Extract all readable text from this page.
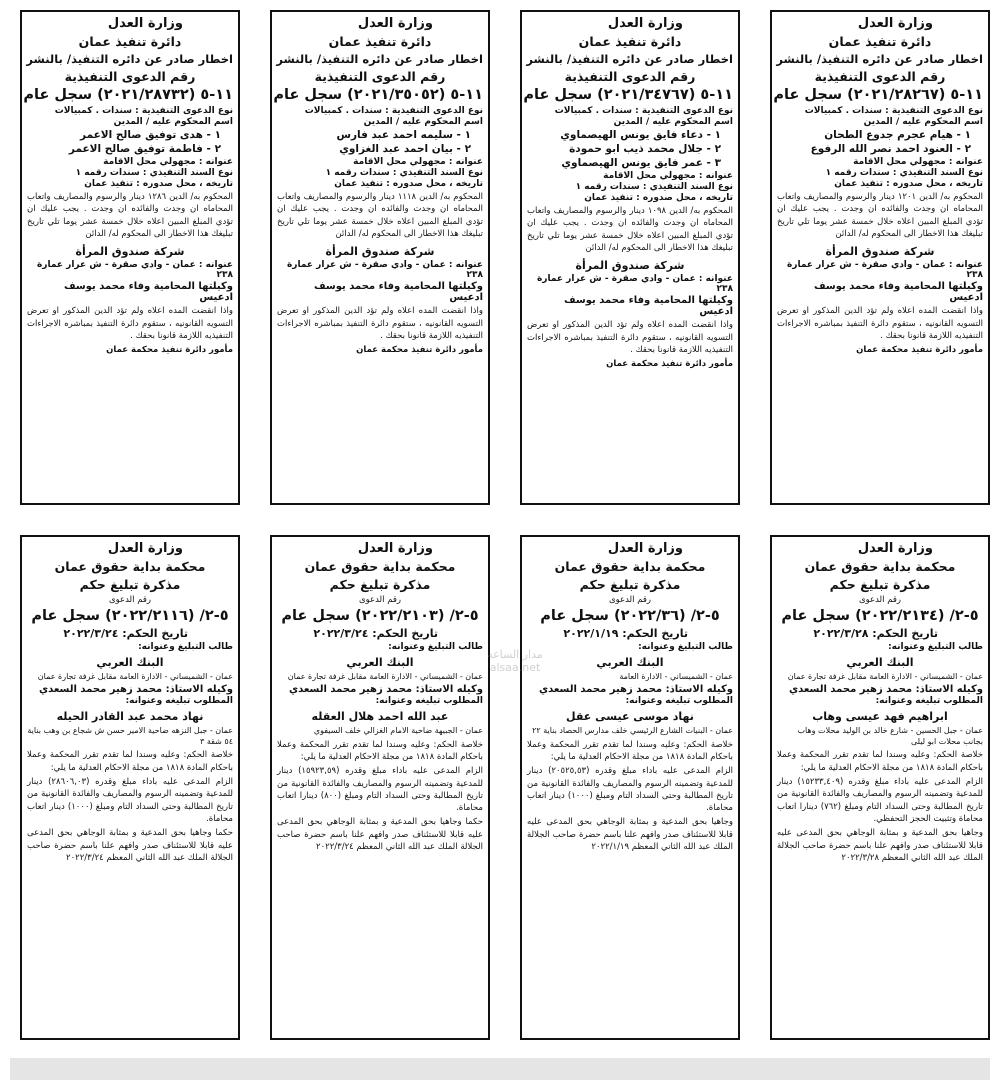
وزارة العدل
دائرة تنفيذ عمان
اخطار صادر عن دائره التنفيذ/ بالنشر
رقم الدعوى التنفيذية
١١-٥ (٢٠٢١/٢٨٢٦٧) سجل عام
نوع الدعوى التنفيذية : سندات . كمبيالات
اسم المحكوم عليه / المدين
١ - هيام عجرم جدوع الطحان
٢ - العنود احمد نصر الله الرفوع
عنوانه : مجهولي محل الاقامة
نوع السند التنفيذي : سندات رقمه ١
تاريخه ، محل صدوره : تنفيذ عمان
المحكوم به/ الدين ١٢٠١ دينار والرسوم والمصاريف واتعاب المحاماه ان وجدت والفائده ان وجدت . يجب عليك ان تؤدي المبلغ المبين اعلاه خلال خمسة عشر يوما تلي تاريخ تبليغك هذا الاخطار الى المحكوم له/ الدائن
شركة صندوق المرأة
عنوانه : عمان - وادي صقرة - ش عرار عمارة ٢٣٨
وكيلتها المحامية وفاء محمد يوسف ادعيس
واذا انقضت المده اعلاه ولم تؤد الدين المذكور او تعرض التسويه القانونيه ، ستقوم دائرة التنفيذ بمباشره الاجراءات التنفيذيه اللازمة قانونا بحقك .
مأمور دائرة تنفيذ محكمة عمان
وزارة العدل
دائرة تنفيذ عمان
اخطار صادر عن دائره التنفيذ/ بالنشر
رقم الدعوى التنفيذية
١١-٥ (٢٠٢١/٣٤٧٦٧) سجل عام
نوع الدعوى التنفيذية : سندات . كمبيالات
اسم المحكوم عليه / المدين
١ - دعاء فايق يونس الهيصماوي
٢ - جلال محمد ذيب ابو حمودة
٣ - عمر فايق يونس الهيصماوي
عنوانه : مجهولي محل الاقامة
نوع السند التنفيذي : سندات رقمه ١
تاريخه ، محل صدوره : تنفيذ عمان
المحكوم به/ الدين ١٠٩٨ دينار والرسوم والمصاريف واتعاب المحاماه ان وجدت والفائده ان وجدت . يجب عليك ان تؤدي المبلغ المبين اعلاه خلال خمسة عشر يوما تلي تاريخ تبليغك هذا الاخطار الى المحكوم له/ الدائن
شركة صندوق المرأة
عنوانه : عمان - وادي صقرة - ش عرار عمارة ٢٣٨
وكيلتها المحامية وفاء محمد يوسف ادعيس
واذا انقضت المده اعلاه ولم تؤد الدين المذكور او تعرض التسويه القانونيه ، ستقوم دائرة التنفيذ بمباشره الاجراءات التنفيذيه اللازمة قانونا بحقك .
مأمور دائرة تنفيذ محكمة عمان
وزارة العدل
دائرة تنفيذ عمان
اخطار صادر عن دائره التنفيذ/ بالنشر
رقم الدعوى التنفيذية
١١-٥ (٢٠٢١/٣٥٠٥٢) سجل عام
نوع الدعوى التنفيذية : سندات . كمبيالات
اسم المحكوم عليه / المدين
١ - سليمه احمد عبد فارس
٢ - بيان احمد عبد الغزاوي
عنوانه : مجهولي محل الاقامة
نوع السند التنفيذي : سندات رقمه ١
تاريخه ، محل صدوره : تنفيذ عمان
المحكوم به/ الدين ١١١٨ دينار والرسوم والمصاريف واتعاب المحاماه ان وجدت والفائده ان وجدت . يجب عليك ان تؤدي المبلغ المبين اعلاه خلال خمسة عشر يوما تلي تاريخ تبليغك هذا الاخطار الى المحكوم له/ الدائن
شركة صندوق المرأة
عنوانه : عمان - وادي صقرة - ش عرار عمارة ٢٣٨
وكيلتها المحامية وفاء محمد يوسف ادعيس
واذا انقضت المده اعلاه ولم تؤد الدين المذكور او تعرض التسويه القانونيه ، ستقوم دائرة التنفيذ بمباشره الاجراءات التنفيذيه اللازمة قانونا بحقك .
مأمور دائرة تنفيذ محكمة عمان
وزارة العدل
دائرة تنفيذ عمان
اخطار صادر عن دائره التنفيذ/ بالنشر
رقم الدعوى التنفيذية
١١-٥ (٢٠٢١/٢٨٧٣٢) سجل عام
نوع الدعوى التنفيذية : سندات . كمبيالات
اسم المحكوم عليه / المدين
١ - هدى توفيق صالح الاعمر
٢ - فاطمة توفيق صالح الاعمر
عنوانه : مجهولي محل الاقامة
نوع السند التنفيذي : سندات رقمه ١
تاريخه ، محل صدوره : تنفيذ عمان
المحكوم به/ الدين ١٢٨٦ دينار والرسوم والمصاريف واتعاب المحاماه ان وجدت والفائده ان وجدت . يجب عليك ان تؤدي المبلغ المبين اعلاه خلال خمسة عشر يوما تلي تاريخ تبليغك هذا الاخطار الى المحكوم له/ الدائن
شركة صندوق المرأة
عنوانه : عمان - وادي صقرة - ش عرار عمارة ٢٣٨
وكيلتها المحامية وفاء محمد يوسف ادعيس
واذا انقضت المده اعلاه ولم تؤد الدين المذكور او تعرض التسويه القانونيه ، ستقوم دائرة التنفيذ بمباشره الاجراءات التنفيذيه اللازمة قانونا بحقك .
مأمور دائرة تنفيذ محكمة عمان
وزارة العدل
محكمة بداية حقوق عمان
مذكرة تبليغ حكم
رقم الدعوى
٥-٢/ (٢٠٢٢/٢١٣٤) سجل عام
تاريخ الحكم: ٢٠٢٢/٣/٢٨
طالب التبليغ وعنوانه:
البنك العربي
عمان - الشميساني - الادارة العامة مقابل غرفة تجارة عمان
وكيله الاستاذ: محمد زهير محمد السعدي
المطلوب تبليغه وعنوانه:
ابراهيم فهد عيسى وهاب
عمان - جبل الحسين - شارع خالد بن الوليد محلات وهاب بجانب محلات ابو ليلى
خلاصة الحكم: وعليه وسندا لما تقدم تقرر المحكمة وعملا باحكام المادة ١٨١٨ من مجلة الاحكام العدلية ما يلي:
الزام المدعى عليه باداء مبلغ وقدره (١٥٢٣٣,٤٠٩) دينار للمدعية وتضمينه الرسوم والمصاريف والفائدة القانونية من تاريخ المطالبة وحتى السداد التام ومبلغ (٧٦٢) دينارا اتعاب محاماة وتثبيت الحجز التحفظي.
وجاهيا بحق المدعية و بمثابة الوجاهي بحق المدعى عليه قابلا للاستئناف صدر وافهم علنا باسم حضرة صاحب الجلالة الملك عبد الله الثاني المعظم ٢٠٢٢/٣/٢٨
وزارة العدل
محكمة بداية حقوق عمان
مذكرة تبليغ حكم
رقم الدعوى
٥-٢/ (٢٠٢٢/٣٦) سجل عام
تاريخ الحكم: ٢٠٢٢/١/١٩
طالب التبليغ وعنوانه:
البنك العربي
عمان - الشميساني - الادارة العامة
وكيله الاستاذ: محمد زهير محمد السعدي
المطلوب تبليغه وعنوانه:
نهاد موسى عيسى عقل
عمان - البنيات الشارع الرئيسي خلف مدارس الحصاد بناية ٢٢
خلاصة الحكم: وعليه وسندا لما تقدم تقرر المحكمة وعملا باحكام المادة ١٨١٨ من مجلة الاحكام العدلية ما يلي:
الزام المدعى عليه باداء مبلغ وقدره (٢٠٥٢٥,٥٣) دينار للمدعية وتضمينه الرسوم والمصاريف والفائدة القانونية من تاريخ المطالبة وحتى السداد التام ومبلغ (١٠٠٠) دينار اتعاب محاماة.
وجاهيا بحق المدعية و بمثابة الوجاهي بحق المدعى عليه قابلا للاستئناف صدر وافهم علنا باسم حضرة صاحب الجلالة الملك عبد الله الثاني المعظم ٢٠٢٢/١/١٩
وزارة العدل
محكمة بداية حقوق عمان
مذكرة تبليغ حكم
رقم الدعوى
٥-٢/ (٢٠٢٢/٢١٠٣) سجل عام
تاريخ الحكم: ٢٠٢٢/٣/٢٤
طالب التبليغ وعنوانه:
البنك العربي
عمان - الشميساني - الادارة العامة مقابل غرفة تجارة عمان
وكيله الاستاذ: محمد زهير محمد السعدي
المطلوب تبليغه وعنوانه:
عبد الله احمد هلال العقله
عمان - الجبيهة ضاحية الامام الغزالي خلف السيفوي
خلاصة الحكم: وعليه وسندا لما تقدم تقرر المحكمة وعملا باحكام المادة ١٨١٨ من مجلة الاحكام العدلية ما يلي:
الزام المدعى عليه باداء مبلغ وقدره (١٥٩٢٣,٥٩) دينار للمدعية وتضمينه الرسوم والمصاريف والفائدة القانونية من تاريخ المطالبة وحتى السداد التام ومبلغ (٨٠٠) دينارا اتعاب محاماة.
حكما وجاهيا بحق المدعية و بمثابة الوجاهي بحق المدعى عليه قابلا للاستئناف صدر وافهم علنا باسم حضرة صاحب الجلالة الملك عبد الله الثاني المعظم ٢٠٢٢/٣/٢٤
وزارة العدل
محكمة بداية حقوق عمان
مذكرة تبليغ حكم
رقم الدعوى
٥-٢/ (٢٠٢٢/٢١١٦) سجل عام
تاريخ الحكم: ٢٠٢٢/٣/٢٤
طالب التبليغ وعنوانه:
البنك العربي
عمان - الشميساني - الادارة العامة مقابل غرفة تجارة عمان
وكيله الاستاذ: محمد زهير محمد السعدي
المطلوب تبليغه وعنوانه:
نهاد محمد عبد القادر الحيله
عمان - جبل النزهه ضاحية الامير حسن ش شجاع بن وهب بناية ٥٤ شقة ٣
خلاصة الحكم: وعليه وسندا لما تقدم تقرر المحكمة وعملا باحكام المادة ١٨١٨ من مجلة الاحكام العدلية ما يلي:
الزام المدعى عليه باداء مبلغ وقدره (٢٨٦٠٦,٠٣) دينار للمدعية وتضمينه الرسوم والمصاريف والفائدة القانونية من تاريخ المطالبة وحتى السداد التام ومبلغ (١٠٠٠) دينار اتعاب محاماة.
حكما وجاهيا بحق المدعية و بمثابة الوجاهي بحق المدعى عليه قابلا للاستئناف صدر وافهم علنا باسم حضرة صاحب الجلالة الملك عبد الله الثاني المعظم ٢٠٢٢/٣/٢٤
مدار الساعة
alsaa.net
